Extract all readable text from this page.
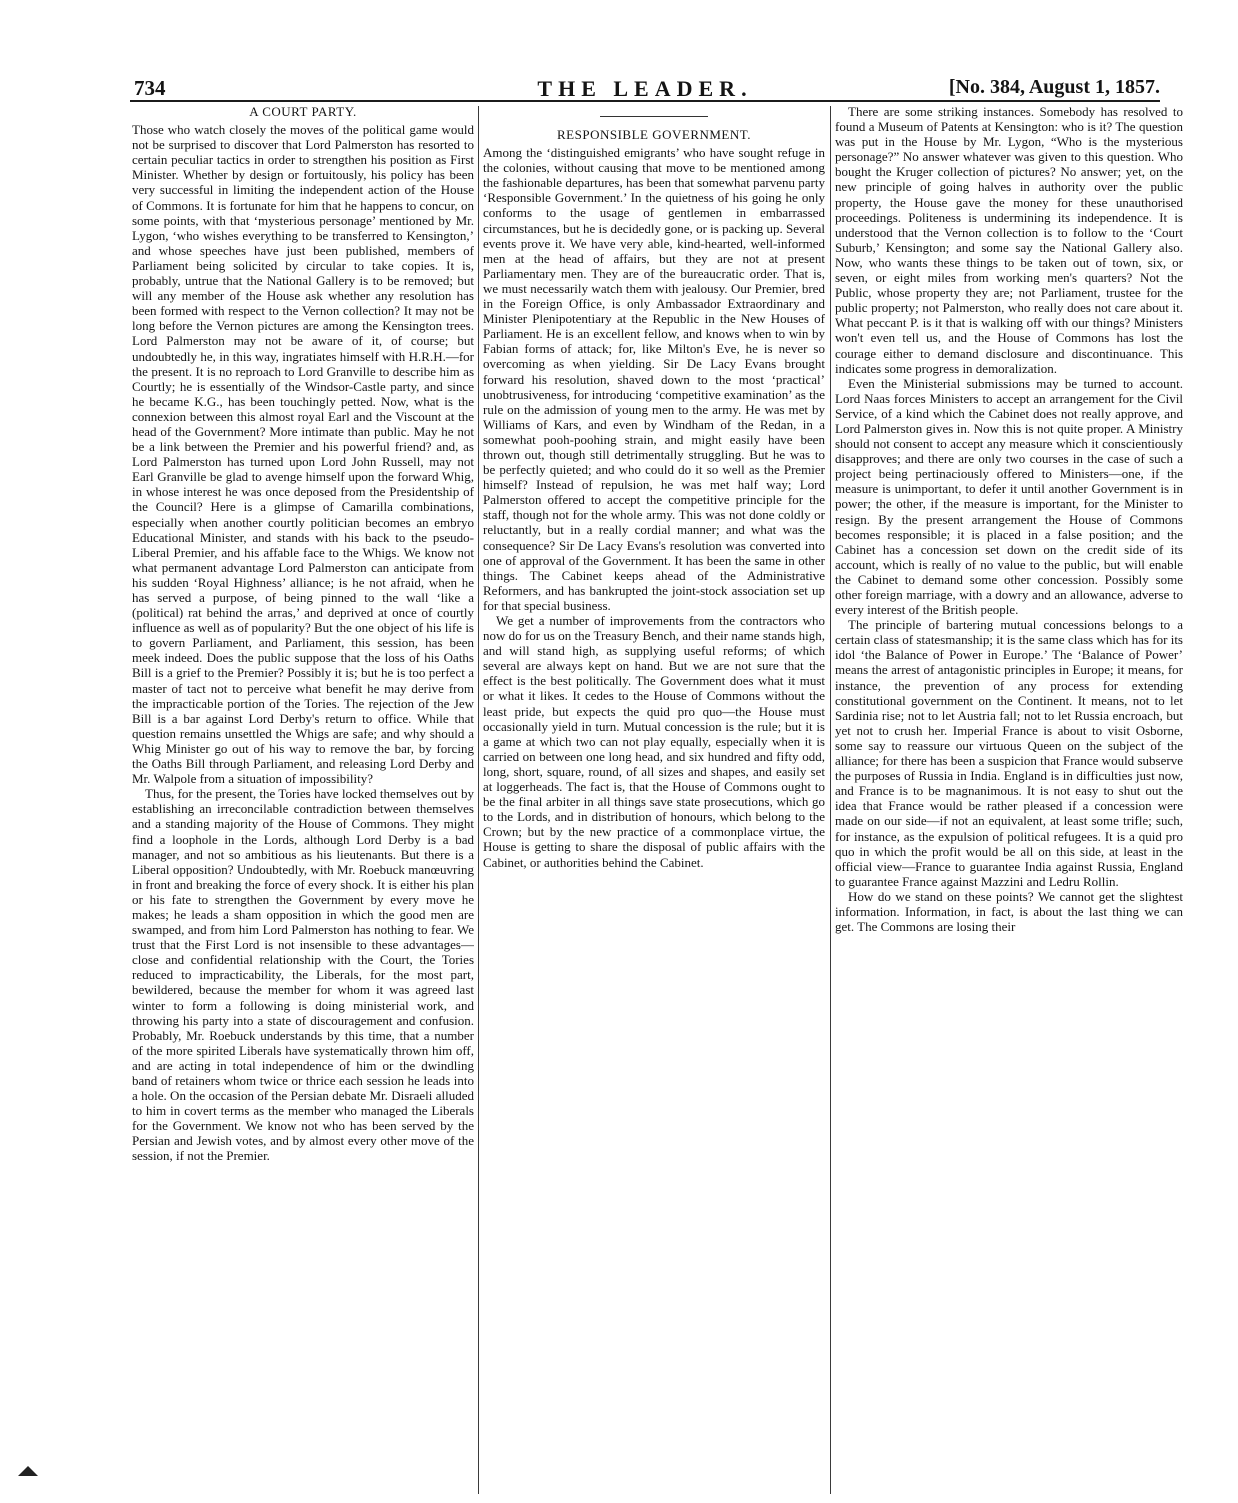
734	THE LEADER.	[No. 384, August 1, 1857.
A COURT PARTY.

Those who watch closely the moves of the political game would not be surprised to discover that Lord Palmerston has resorted to certain peculiar tactics in order to strengthen his position as First Minister. Whether by design or fortuitously, his policy has been very successful in limiting the independent action of the House of Commons. It is fortunate for him that he happens to concur, on some points, with that ‘mysterious personage’ mentioned by Mr. Lygon, ‘who wishes everything to be transferred to Kensington,’ and whose speeches have just been published, members of Parliament being solicited by circular to take copies. It is, probably, untrue that the National Gallery is to be removed; but will any member of the House ask whether any resolution has been formed with respect to the Vernon collection? It may not be long before the Vernon pictures are among the Kensington trees. Lord Palmerston may not be aware of it, of course; but undoubtedly he, in this way, ingratiates himself with H.R.H.—for the present. It is no reproach to Lord Granville to describe him as Courtly; he is essentially of the Windsor-Castle party, and since he became K.G., has been touchingly petted. Now, what is the connexion between this almost royal Earl and the Viscount at the head of the Government? More intimate than public. May he not be a link between the Premier and his powerful friend? and, as Lord Palmerston has turned upon Lord John Russell, may not Earl Granville be glad to avenge himself upon the forward Whig, in whose interest he was once deposed from the Presidentship of the Council? Here is a glimpse of Camarilla combinations, especially when another courtly politician becomes an embryo Educational Minister, and stands with his back to the pseudo-Liberal Premier, and his affable face to the Whigs. We know not what permanent advantage Lord Palmerston can anticipate from his sudden ‘Royal Highness’ alliance; is he not afraid, when he has served a purpose, of being pinned to the wall ‘like a (political) rat behind the arras,’ and deprived at once of courtly influence as well as of popularity? But the one object of his life is to govern Parliament, and Parliament, this session, has been meek indeed. Does the public suppose that the loss of his Oaths Bill is a grief to the Premier? Possibly it is; but he is too perfect a master of tact not to perceive what benefit he may derive from the impracticable portion of the Tories. The rejection of the Jew Bill is a bar against Lord Derby's return to office. While that question remains unsettled the Whigs are safe; and why should a Whig Minister go out of his way to remove the bar, by forcing the Oaths Bill through Parliament, and releasing Lord Derby and Mr. Walpole from a situation of impossibility?

Thus, for the present, the Tories have locked themselves out by establishing an irreconcilable contradiction between themselves and a standing majority of the House of Commons. They might find a loophole in the Lords, although Lord Derby is a bad manager, and not so ambitious as his lieutenants. But there is a Liberal opposition? Undoubtedly, with Mr. Roebuck manœuvring in front and breaking the force of every shock. It is either his plan or his fate to strengthen the Government by every move he makes; he leads a sham opposition in which the good men are swamped, and from him Lord Palmerston has nothing to fear. We trust that the First Lord is not insensible to these advantages—close and confidential relationship with the Court, the Tories reduced to impracticability, the Liberals, for the most part, bewildered, because the member for whom it was agreed last winter to form a following is doing ministerial work, and throwing his party into a state of discouragement and confusion. Probably, Mr. Roebuck understands by this time, that a number of the more spirited Liberals have systematically thrown him off, and are acting in total independence of him or the dwindling band of retainers whom twice or thrice each session he leads into a hole. On the occasion of the Persian debate Mr. Disraeli alluded to him in covert terms as the member who managed the Liberals for the Government. We know not who has been served by the Persian and Jewish votes, and by almost every other move of the session, if not the Premier.

RESPONSIBLE GOVERNMENT.

Among the ‘distinguished emigrants’ who have sought refuge in the colonies, without causing that move to be mentioned among the fashionable departures, has been that somewhat parvenu party ‘Responsible Government.’ In the quietness of his going he only conforms to the usage of gentlemen in embarrassed circumstances, but he is decidedly gone, or is packing up. Several events prove it. We have very able, kind-hearted, well-informed men at the head of affairs, but they are not at present Parliamentary men. They are of the bureaucratic order. That is, we must necessarily watch them with jealousy. Our Premier, bred in the Foreign Office, is only Ambassador Extraordinary and Minister Plenipotentiary at the Republic in the New Houses of Parliament. He is an excellent fellow, and knows when to win by Fabian forms of attack; for, like Milton's Eve, he is never so overcoming as when yielding. Sir De Lacy Evans brought forward his resolution, shaved down to the most ‘practical’ unobtrusiveness, for introducing ‘competitive examination’ as the rule on the admission of young men to the army. He was met by Williams of Kars, and even by Windham of the Redan, in a somewhat pooh-poohing strain, and might easily have been thrown out, though still detrimentally struggling. But he was to be perfectly quieted; and who could do it so well as the Premier himself? Instead of repulsion, he was met half way; Lord Palmerston offered to accept the competitive principle for the staff, though not for the whole army. This was not done coldly or reluctantly, but in a really cordial manner; and what was the consequence? Sir De Lacy Evans's resolution was converted into one of approval of the Government. It has been the same in other things. The Cabinet keeps ahead of the Administrative Reformers, and has bankrupted the joint-stock association set up for that special business.

We get a number of improvements from the contractors who now do for us on the Treasury Bench, and their name stands high, and will stand high, as supplying useful reforms; of which several are always kept on hand. But we are not sure that the effect is the best politically. The Government does what it must or what it likes. It cedes to the House of Commons without the least pride, but expects the quid pro quo—the House must occasionally yield in turn. Mutual concession is the rule; but it is a game at which two can not play equally, especially when it is carried on between one long head, and six hundred and fifty odd, long, short, square, round, of all sizes and shapes, and easily set at loggerheads. The fact is, that the House of Commons ought to be the final arbiter in all things save state prosecutions, which go to the Lords, and in distribution of honours, which belong to the Crown; but by the new practice of a commonplace virtue, the House is getting to share the disposal of public affairs with the Cabinet, or authorities behind the Cabinet.

There are some striking instances. Somebody has resolved to found a Museum of Patents at Kensington: who is it? The question was put in the House by Mr. Lygon, “Who is the mysterious personage?” No answer whatever was given to this question. Who bought the Kruger collection of pictures? No answer; yet, on the new principle of going halves in authority over the public property, the House gave the money for these unauthorised proceedings. Politeness is undermining its independence. It is understood that the Vernon collection is to follow to the ‘Court Suburb,’ Kensington; and some say the National Gallery also. Now, who wants these things to be taken out of town, six, or seven, or eight miles from working men's quarters? Not the Public, whose property they are; not Parliament, trustee for the public property; not Palmerston, who really does not care about it. What peccant P. is it that is walking off with our things? Ministers won't even tell us, and the House of Commons has lost the courage either to demand disclosure and discontinuance. This indicates some progress in demoralization.

Even the Ministerial submissions may be turned to account. Lord Naas forces Ministers to accept an arrangement for the Civil Service, of a kind which the Cabinet does not really approve, and Lord Palmerston gives in. Now this is not quite proper. A Ministry should not consent to accept any measure which it conscientiously disapproves; and there are only two courses in the case of such a project being pertinaciously offered to Ministers—one, if the measure is unimportant, to defer it until another Government is in power; the other, if the measure is important, for the Minister to resign. By the present arrangement the House of Commons becomes responsible; it is placed in a false position; and the Cabinet has a concession set down on the credit side of its account, which is really of no value to the public, but will enable the Cabinet to demand some other concession. Possibly some other foreign marriage, with a dowry and an allowance, adverse to every interest of the British people.

The principle of bartering mutual concessions belongs to a certain class of statesmanship; it is the same class which has for its idol ‘the Balance of Power in Europe.’ The ‘Balance of Power’ means the arrest of antagonistic principles in Europe; it means, for instance, the prevention of any process for extending constitutional government on the Continent. It means, not to let Sardinia rise; not to let Austria fall; not to let Russia encroach, but yet not to crush her. Imperial France is about to visit Osborne, some say to reassure our virtuous Queen on the subject of the alliance; for there has been a suspicion that France would subserve the purposes of Russia in India. England is in difficulties just now, and France is to be magnanimous. It is not easy to shut out the idea that France would be rather pleased if a concession were made on our side—if not an equivalent, at least some trifle; such, for instance, as the expulsion of political refugees. It is a quid pro quo in which the profit would be all on this side, at least in the official view—France to guarantee India against Russia, England to guarantee France against Mazzini and Ledru Rollin.

How do we stand on these points? We cannot get the slightest information. Information, in fact, is about the last thing we can get. The Commons are losing their
